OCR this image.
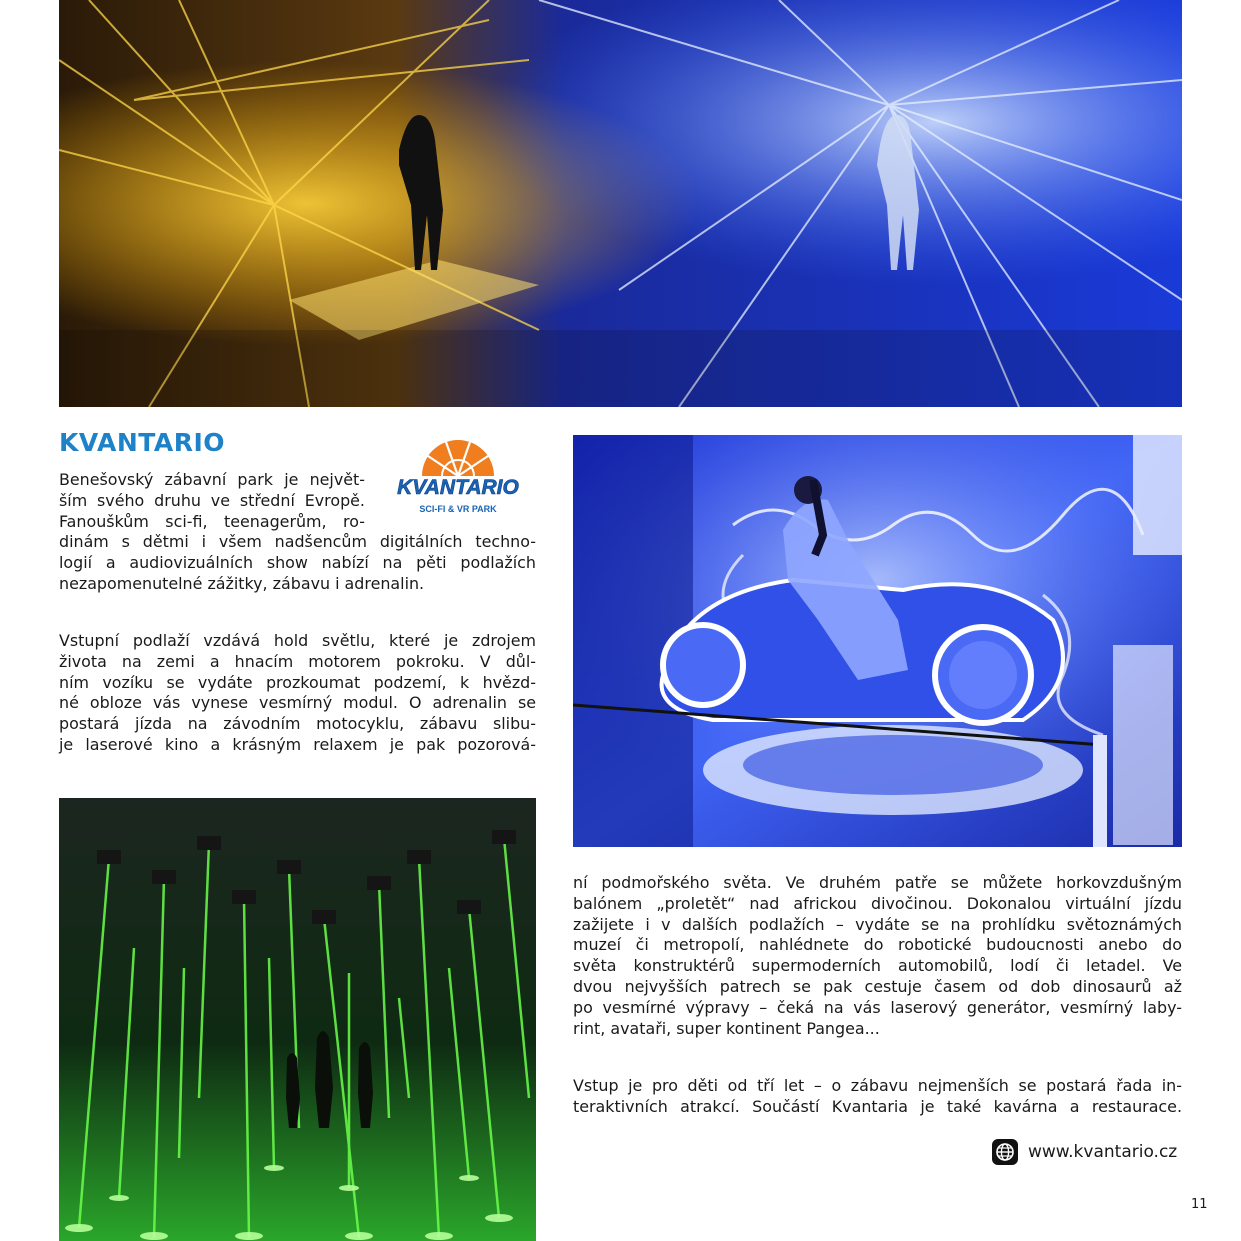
KVANTARIO
KVANTARIO
SCI-FI & VR PARK

Benešovský zábavní park je největ-
ším svého druhu ve střední Evropě.
Fanouškům sci-fi, teenagerům, ro-
dinám s dětmi i všem nadšencům digitálních techno-
logií a audiovizuálních show nabízí na pěti podlažích
nezapomenutelné zážitky, zábavu i adrenalin.

Vstupní podlaží vzdává hold světlu, které je zdrojem
života na zemi a hnacím motorem pokroku. V důl-
ním vozíku se vydáte prozkoumat podzemí, k hvězd-
né obloze vás vynese vesmírný modul. O adrenalin se
postará jízda na závodním motocyklu, zábavu slibu-
je laserové kino a krásným relaxem je pak pozorová-

ní podmořského světa. Ve druhém patře se můžete horkovzdušným
balónem „proletět“ nad africkou divočinou. Dokonalou virtuální jízdu
zažijete i v dalších podlažích – vydáte se na prohlídku světoznámých
muzeí či metropolí, nahlédnete do robotické budoucnosti anebo do
světa konstruktérů supermoderních automobilů, lodí či letadel. Ve
dvou nejvyšších patrech se pak cestuje časem od dob dinosaurů až
po vesmírné výpravy – čeká na vás laserový generátor, vesmírný laby-
rint, avataři, super kontinent Pangea...

Vstup je pro děti od tří let – o zábavu nejmenších se postará řada in-
teraktivních atrakcí. Součástí Kvantaria je také kavárna a restaurace.

www.kvantario.cz
11
